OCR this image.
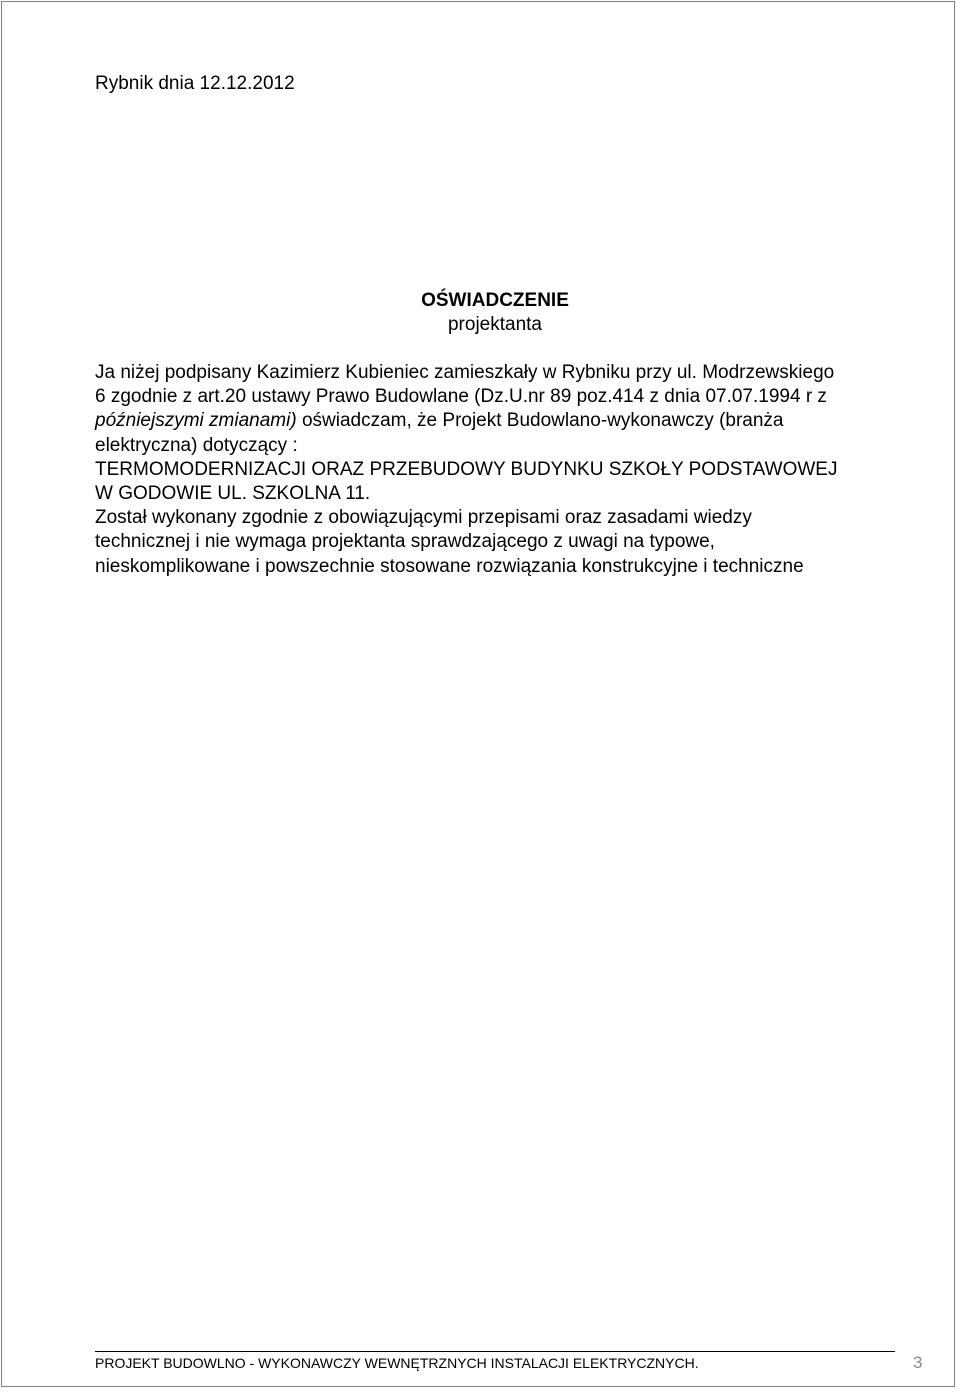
Rybnik dnia 12.12.2012

OŚWIADCZENIE

projektanta

Ja niżej podpisany Kazimierz Kubieniec zamieszkały w Rybniku przy ul. Modrzewskiego
6 zgodnie z art.20 ustawy Prawo Budowlane (Dz.U.nr 89 poz.414 z dnia 07.07.1994 r z
późniejszymi zmianami) oświadczam, że Projekt Budowlano-wykonawczy (branża
elektryczna) dotyczący :
TERMOMODERNIZACJI ORAZ PRZEBUDOWY BUDYNKU SZKOŁY PODSTAWOWEJ
W GODOWIE UL. SZKOLNA 11.
Został wykonany zgodnie z obowiązującymi przepisami oraz zasadami wiedzy
technicznej i nie wymaga projektanta sprawdzającego z uwagi na typowe,
nieskomplikowane i powszechnie stosowane rozwiązania konstrukcyjne i techniczne

PROJEKT BUDOWLNO - WYKONAWCZY WEWNĘTRZNYCH INSTALACJI ELEKTRYCZNYCH.	3
